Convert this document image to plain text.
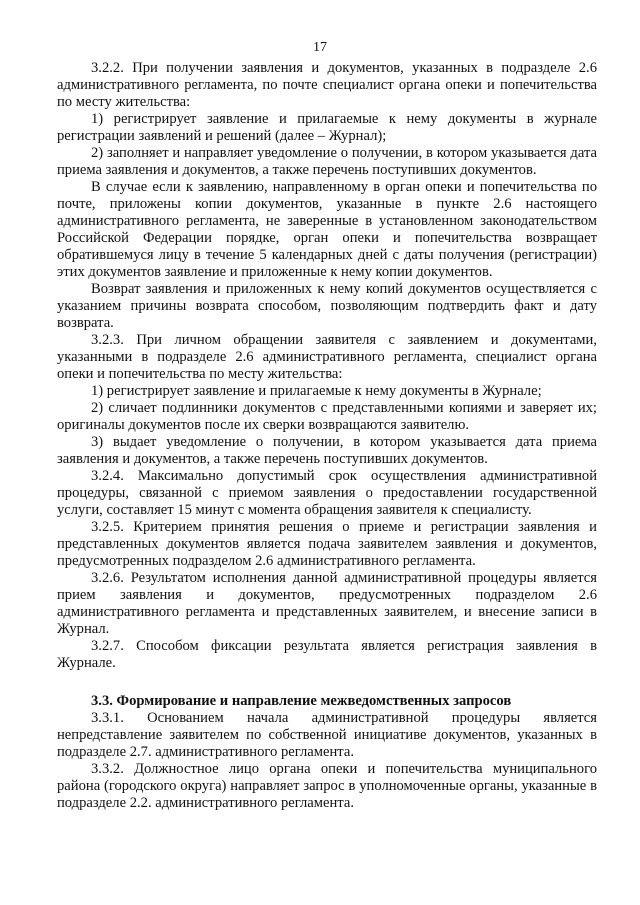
17

3.2.2. При получении заявления и документов, указанных в подразделе 2.6 административного регламента, по почте специалист органа опеки и попечительства по месту жительства:

1) регистрирует заявление и прилагаемые к нему документы в журнале регистрации заявлений и решений (далее – Журнал);

2) заполняет и направляет уведомление о получении, в котором указывается дата приема заявления и документов, а также перечень поступивших документов.

В случае если к заявлению, направленному в орган опеки и попечительства по почте, приложены копии документов, указанные в пункте 2.6 настоящего административного регламента, не заверенные в установленном законодательством Российской Федерации порядке, орган опеки и попечительства возвращает обратившемуся лицу в течение 5 календарных дней с даты получения (регистрации) этих документов заявление и приложенные к нему копии документов.

Возврат заявления и приложенных к нему копий документов осуществляется с указанием причины возврата способом, позволяющим подтвердить факт и дату возврата.

3.2.3. При личном обращении заявителя с заявлением и документами, указанными в подразделе 2.6 административного регламента, специалист органа опеки и попечительства по месту жительства:

1) регистрирует заявление и прилагаемые к нему документы в Журнале;

2) сличает подлинники документов с представленными копиями и заверяет их; оригиналы документов после их сверки возвращаются заявителю.

3) выдает уведомление о получении, в котором указывается дата приема заявления и документов, а также перечень поступивших документов.

3.2.4. Максимально допустимый срок осуществления административной процедуры, связанной с приемом заявления о предоставлении государственной услуги, составляет 15 минут с момента обращения заявителя к специалисту.

3.2.5. Критерием принятия решения о приеме и регистрации заявления и представленных документов является подача заявителем заявления и документов, предусмотренных подразделом 2.6 административного регламента.

3.2.6. Результатом исполнения данной административной процедуры является прием заявления и документов, предусмотренных подразделом 2.6 административного регламента и представленных заявителем, и внесение записи в Журнал.

3.2.7. Способом фиксации результата является регистрация заявления в Журнале.

3.3. Формирование и направление межведомственных запросов

3.3.1. Основанием начала административной процедуры является непредставление заявителем по собственной инициативе документов, указанных в подразделе 2.7. административного регламента.

3.3.2. Должностное лицо органа опеки и попечительства муниципального района (городского округа) направляет запрос в уполномоченные органы, указанные в подразделе 2.2. административного регламента.
